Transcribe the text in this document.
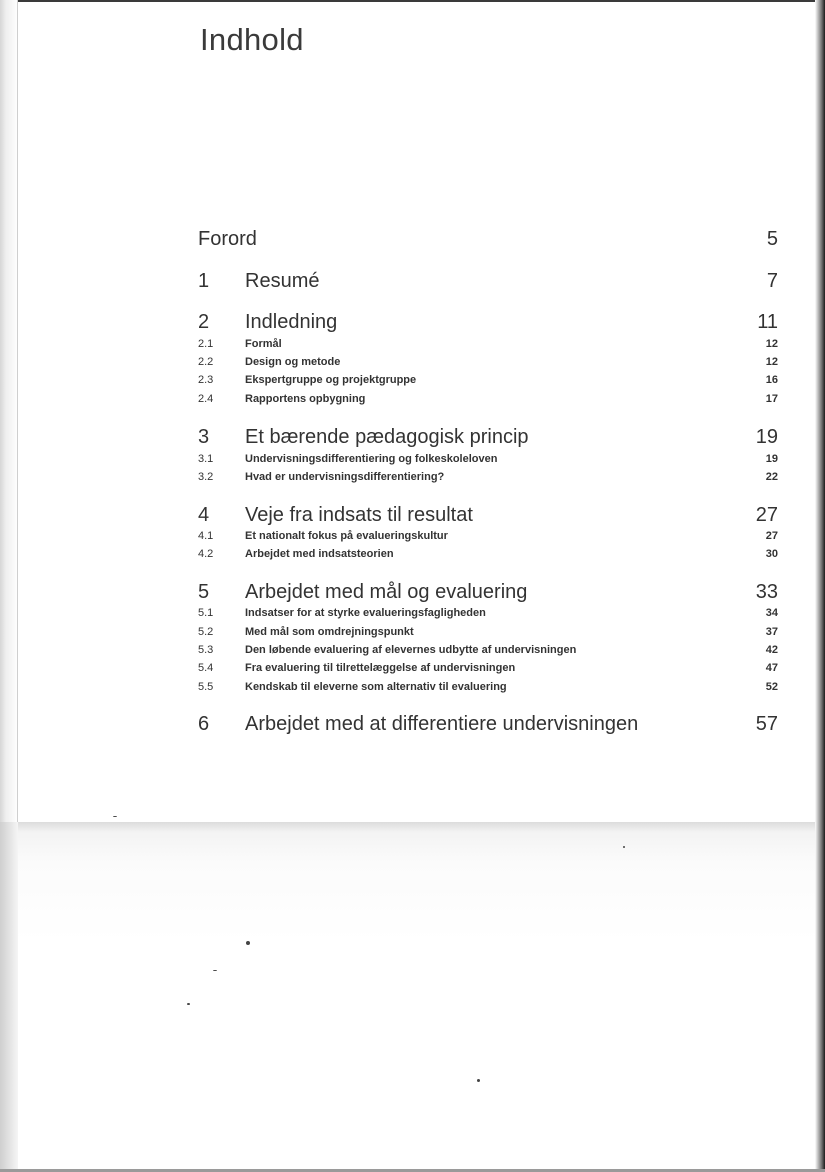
Indhold
Forord	5
1 Resumé	7
2 Indledning	11
2.1	Formål	12
2.2	Design og metode	12
2.3	Ekspertgruppe og projektgruppe	16
2.4	Rapportens opbygning	17
3 Et bærende pædagogisk princip	19
3.1	Undervisningsdifferentiering og folkeskoleloven	19
3.2	Hvad er undervisningsdifferentiering?	22
4 Veje fra indsats til resultat	27
4.1	Et nationalt fokus på evalueringskultur	27
4.2	Arbejdet med indsatsteorien	30
5 Arbejdet med mål og evaluering	33
5.1	Indsatser for at styrke evalueringsfagligheden	34
5.2	Med mål som omdrejningspunkt	37
5.3	Den løbende evaluering af elevernes udbytte af undervisningen	42
5.4	Fra evaluering til tilrettelæggelse af undervisningen	47
5.5	Kendskab til eleverne som alternativ til evaluering	52
6 Arbejdet med at differentiere undervisningen	57
